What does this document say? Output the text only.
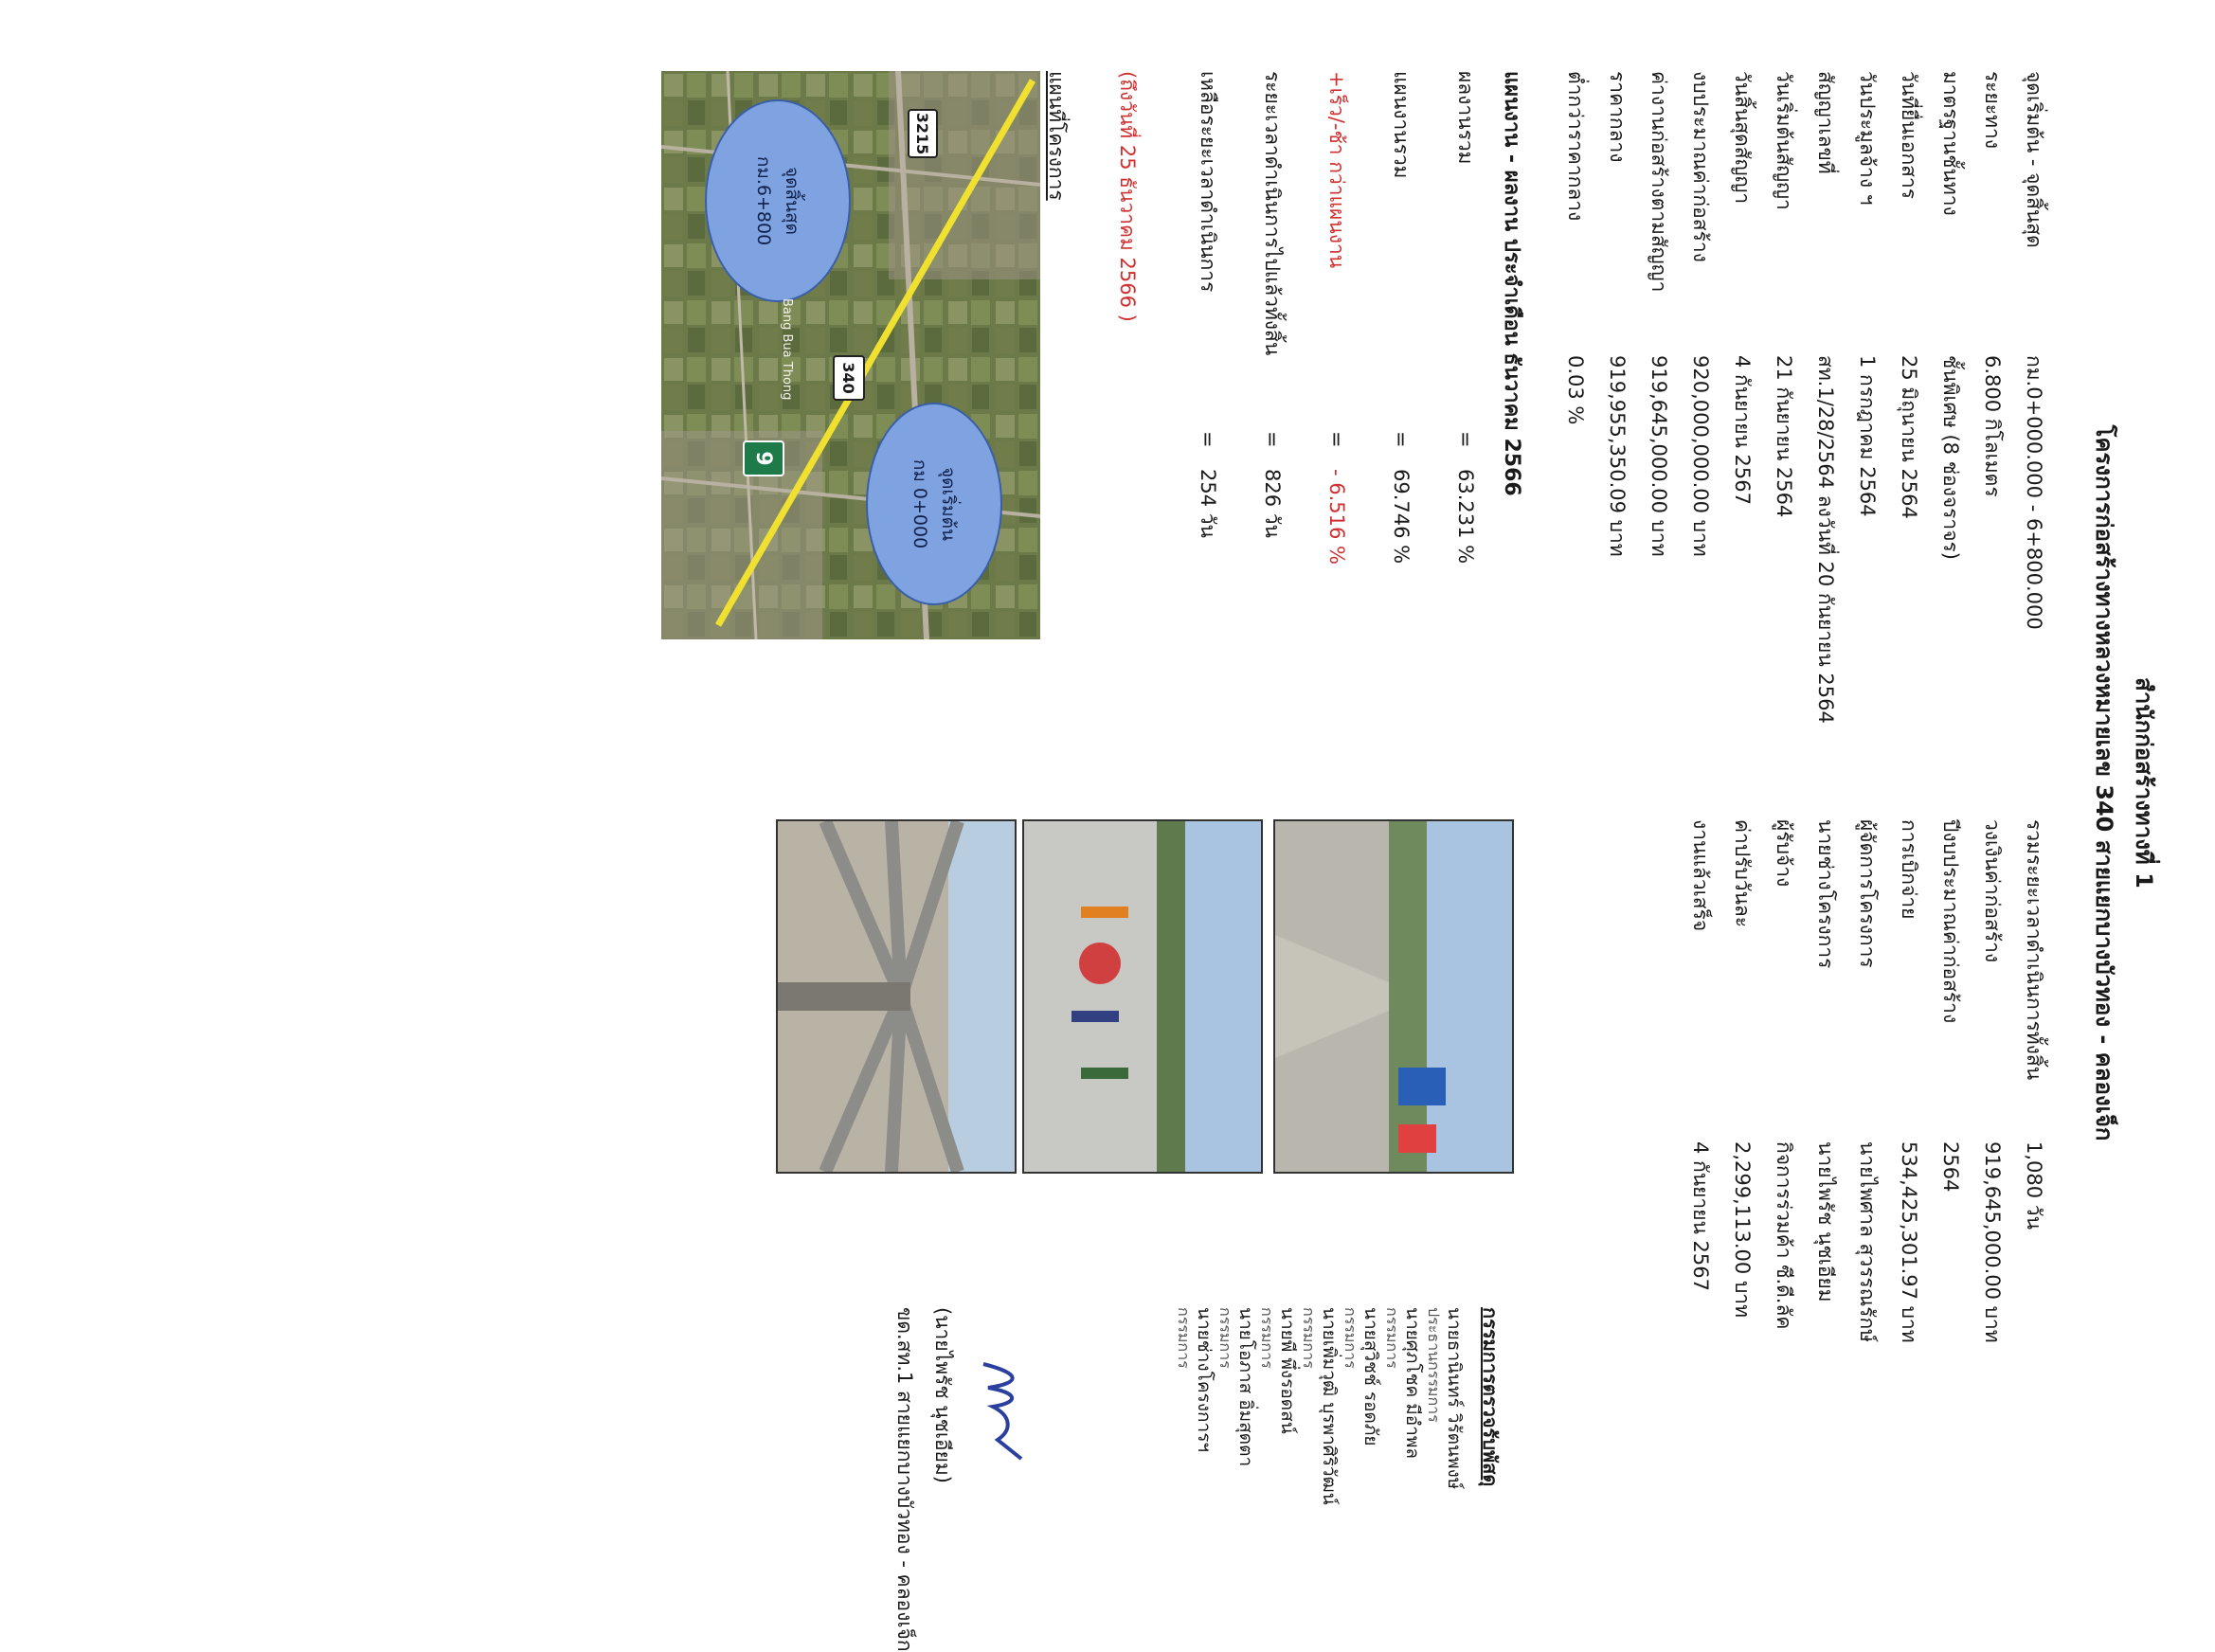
สำนักก่อสร้างทางที่ 1
โครงการก่อสร้างทางหลวงหมายเลข 340 สายแยกบางบัวทอง - คลองเจ็ก
จุดเริ่มต้น - จุดสิ้นสุด
กม.0+000.000 - 6+800.000
ระยะทาง
6.800 กิโลเมตร
มาตรฐานชั้นทาง
ชั้นพิเศษ (8 ช่องจราจร)
วันที่ยื่นเอกสาร
25 มิถุนายน 2564
วันประมูลจ้าง ฯ
1 กรกฎาคม 2564
สัญญาเลขที่
สท.1/28/2564 ลงวันที่ 20 กันยายน 2564
วันเริ่มต้นสัญญา
21 กันยายน 2564
วันสิ้นสุดสัญญา
4 กันยายน 2567
งบประมาณค่าก่อสร้าง
920,000,000.00 บาท
ค่างานก่อสร้างตามสัญญา
919,645,000.00 บาท
ราคากลาง
919,955,350.09 บาท
ต่ำกว่าราคากลาง
0.03 %
รวมระยะเวลาดำเนินการทั้งสิ้น
1,080 วัน
วงเงินค่าก่อสร้าง
919,645,000.00 บาท
ปีงบประมาณค่าก่อสร้าง
2564
การเบิกจ่าย
534,425,301.97 บาท
ผู้จัดการโครงการ
นายไพศาล สุวรรณรักษ์
นายช่างโครงการ
นายไพรัช นุชเอียม
ผู้รับจ้าง
กิจการร่วมค้า ซี.ดี.ลัค
ค่าปรับวันละ
2,299,113.00 บาท
งานแล้วเสร็จ
4 กันยายน 2567
แผนงาน - ผลงาน ประจำเดือน ธันวาคม 2566
ผลงานรวม
=
63.231 %
แผนงานรวม
=
69.746 %
+เร็ว/-ช้า กว่าแผนงาน
=
- 6.516 %
ระยะเวลาดำเนินการไปแล้วทั้งสิ้น
=
826 วัน
เหลือระยะเวลาดำเนินการ
=
254 วัน
(ถึงวันที่ 25 ธันวาคม 2566 )
แผนที่โครงการ
จุดสิ้นสุด
กม.6+800
จุดเริ่มต้น
กม 0+000
340
3215
9
Bang Bua Thong
กรรมการตรวจรับพัสดุ
นายธานินทร์ วิรัตนพงษ์
ประธานกรรมการ
นายศุภโชค มีอำพล
กรรมการ
นายสุวิชช์ รอดภัย
กรรมการ
นายเพิ่มวุฒิ บุรพาศิริวัฒน์
กรรมการ
นายพี พึ่งรอดสน์
กรรมการ
นายโอภาส อิ่มสุดตา
กรรมการ
นายช่างโครงการฯ
กรรมการ
(นายไพรัช นุชเอียม)
ขด.สท.1 สายแยกบางบัวทอง - คลองเจ็ก
